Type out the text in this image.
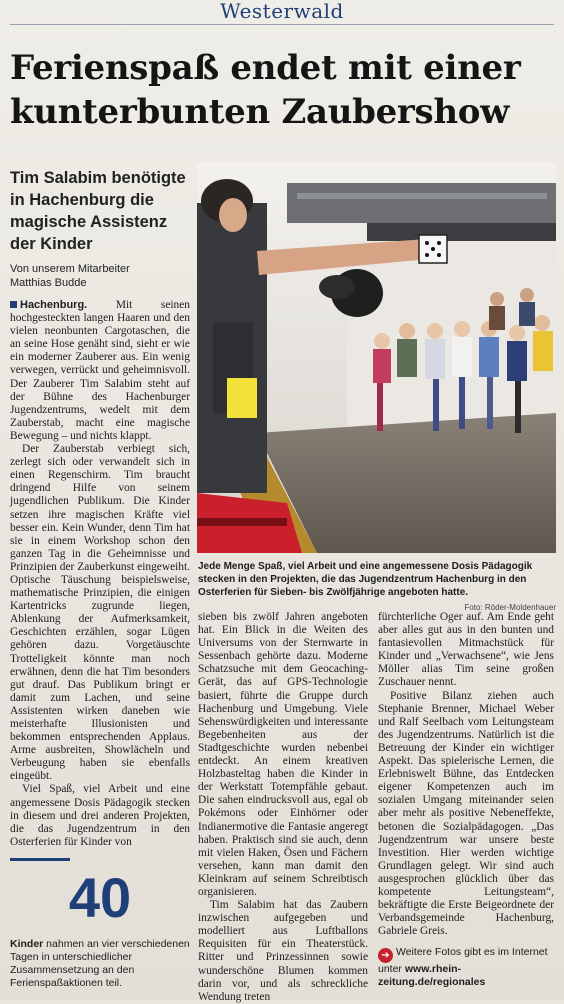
Westerwald
Ferienspaß endet mit einer kunterbunten Zaubershow
Tim Salabim benötigte in Hachenburg die magische Assistenz der Kinder
Von unserem Mitarbeiter
Matthias Budde

Hachenburg.	Mit seinen hochgesteckten langen Haaren und den vielen neonbunten Cargotaschen, die an seine Hose genäht sind, sieht er wie ein moderner Zauberer aus. Ein wenig verwegen, verrückt und geheimnisvoll. Der Zauberer Tim Salabim steht auf der Bühne des Hachenburger Jugendzentrums, wedelt mit dem Zauberstab, macht eine magische Bewegung – und nichts klappt.

Der Zauberstab verbiegt sich, zerlegt sich oder verwandelt sich in einen Regenschirm. Tim braucht dringend Hilfe von seinem jugendlichen Publikum. Die Kinder setzen ihre magischen Kräfte viel besser ein. Kein Wunder, denn Tim hat sie in einem Workshop schon den ganzen Tag in die Geheimnisse und Prinzipien der Zauberkunst eingeweiht. Optische Täuschung beispielsweise, mathematische Prinzipien, die einigen Kartentricks zugrunde liegen, Ablenkung der Aufmerksamkeit, Geschichten erzählen, sogar Lügen gehören dazu. Vorgetäuschte Trotteligkeit könnte man noch erwähnen, denn die hat Tim besonders gut drauf. Das Publikum bringt er damit zum Lachen, und seine Assistenten wirken daneben wie meisterhafte Illusionisten und bekommen entsprechenden Applaus. Arme ausbreiten, Showlächeln und Verbeugung haben sie ebenfalls eingeübt.

Viel Spaß, viel Arbeit und eine angemessene Dosis Pädagogik stecken in diesem und drei anderen Projekten, die das Jugendzentrum in den Osterferien für Kinder von

Jede Menge Spaß, viel Arbeit und eine angemessene Dosis Pädagogik stecken in den Projekten, die das Jugendzentrum Hachenburg in den Osterferien für Sieben- bis Zwölfjährige angeboten hatte.
Foto: Röder-Moldenhauer

sieben bis zwölf Jahren angeboten hat. Ein Blick in die Weiten des Universums von der Sternwarte in Sessenbach gehörte dazu. Moderne Schatzsuche mit dem Geocaching-Gerät, das auf GPS-Technologie basiert, führte die Gruppe durch Hachenburg und Umgebung. Viele Sehenswürdigkeiten und interessante Begebenheiten aus der Stadtgeschichte wurden nebenbei entdeckt. An einem kreativen Holzbasteltag haben die Kinder in der Werkstatt Totempfähle gebaut. Die sahen eindrucksvoll aus, egal ob Pokémons oder Einhörner oder Indianermotive die Fantasie angeregt haben. Praktisch sind sie auch, denn mit vielen Haken, Ösen und Fächern versehen, kann man damit den Kleinkram auf seinem Schreibtisch organisieren.

Tim Salabim hat das Zaubern inzwischen aufgegeben und modelliert aus Luftballons Requisiten für ein Theaterstück. Ritter und Prinzessinnen sowie wunderschöne Blumen kommen darin vor, und als schreckliche Wendung treten

fürchterliche Oger auf. Am Ende geht aber alles gut aus in den bunten und fantasievollen Mitmachstück für Kinder und „Verwachsene“, wie Jens Möller alias Tim seine großen Zuschauer nennt.

Positive Bilanz ziehen auch Stephanie Brenner, Michael Weber und Ralf Seelbach vom Leitungsteam des Jugendzentrums. Natürlich ist die Betreuung der Kinder ein wichtiger Aspekt. Das spielerische Lernen, die Erlebniswelt Bühne, das Entdecken eigener Kompetenzen auch im sozialen Umgang miteinander seien aber mehr als positive Nebeneffekte, betonen die Sozialpädagogen. „Das Jugendzentrum war unsere beste Investition. Hier werden wichtige Grundlagen gelegt. Wir sind auch ausgesprochen glücklich über das kompetente Leitungsteam“, bekräftigte die Erste Beigeordnete der Verbandsgemeinde Hachenburg, Gabriele Greis.

40
Kinder nahmen an vier verschiedenen Tagen in unterschiedlicher Zusammensetzung an den Ferienspaßaktionen teil.
➔ Weitere Fotos gibt es im Internet unter www.rhein-zeitung.de/regionales
